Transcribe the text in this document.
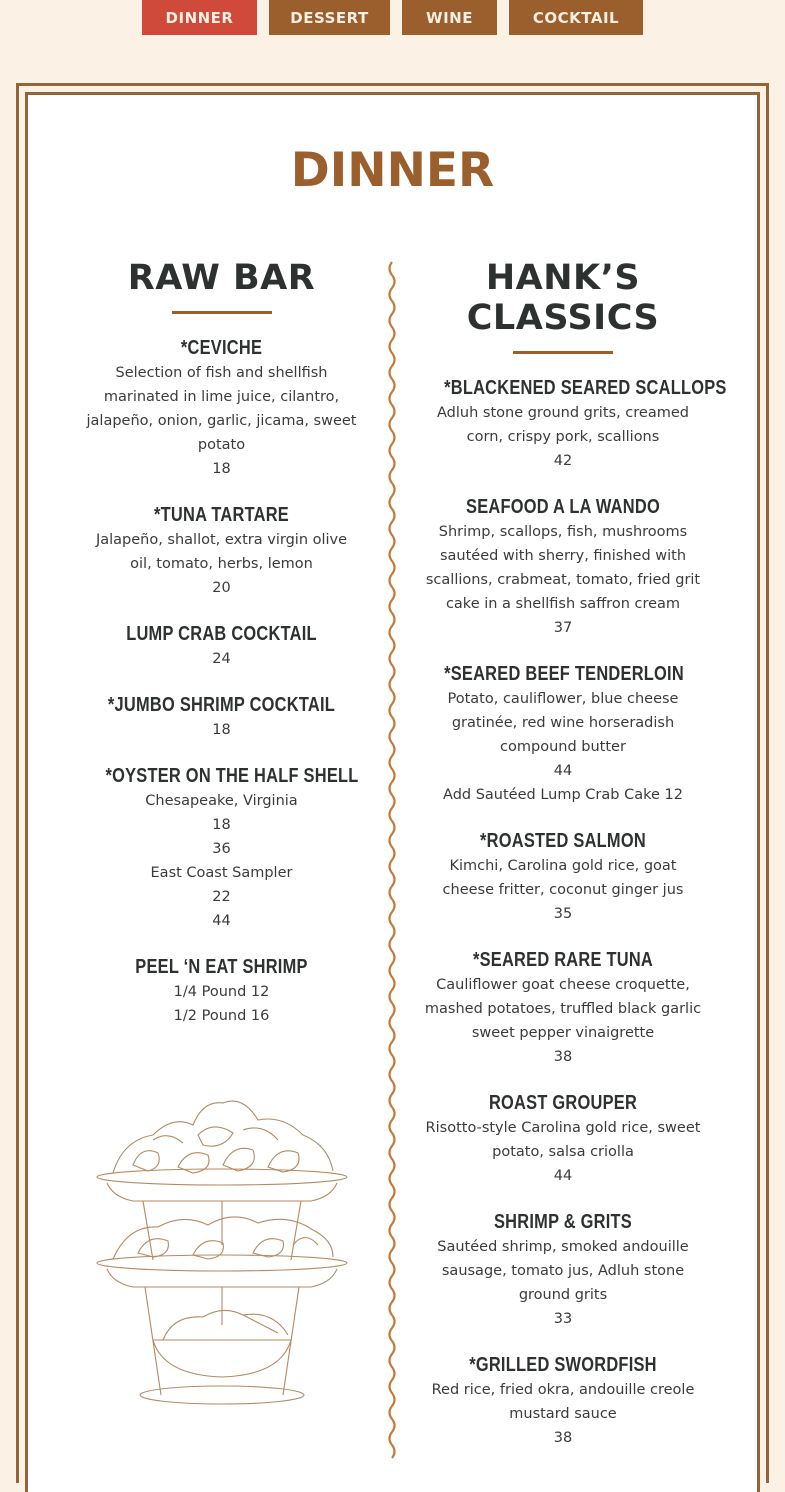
DINNER	DESSERT	WINE	COCKTAIL
DINNER
RAW BAR
*CEVICHE
Selection of fish and shellfish
marinated in lime juice, cilantro,
jalapeño, onion, garlic, jicama, sweet
potato
18
*TUNA TARTARE
Jalapeño, shallot, extra virgin olive
oil, tomato, herbs, lemon
20
LUMP CRAB COCKTAIL
24
*JUMBO SHRIMP COCKTAIL
18
*OYSTER ON THE HALF SHELL
Chesapeake, Virginia
18
36
East Coast Sampler
22
44
PEEL ‘N EAT SHRIMP
1/4 Pound 12
1/2 Pound 16
HANK’S
CLASSICS
*BLACKENED SEARED SCALLOPS
Adluh stone ground grits, creamed
corn, crispy pork, scallions
42
SEAFOOD A LA WANDO
Shrimp, scallops, fish, mushrooms
sautéed with sherry, finished with
scallions, crabmeat, tomato, fried grit
cake in a shellfish saffron cream
37
*SEARED BEEF TENDERLOIN
Potato, cauliflower, blue cheese
gratinée, red wine horseradish
compound butter
44
Add Sautéed Lump Crab Cake 12
*ROASTED SALMON
Kimchi, Carolina gold rice, goat
cheese fritter, coconut ginger jus
35
*SEARED RARE TUNA
Cauliflower goat cheese croquette,
mashed potatoes, truffled black garlic
sweet pepper vinaigrette
38
ROAST GROUPER
Risotto-style Carolina gold rice, sweet
potato, salsa criolla
44
SHRIMP & GRITS
Sautéed shrimp, smoked andouille
sausage, tomato jus, Adluh stone
ground grits
33
*GRILLED SWORDFISH
Red rice, fried okra, andouille creole
mustard sauce
38
